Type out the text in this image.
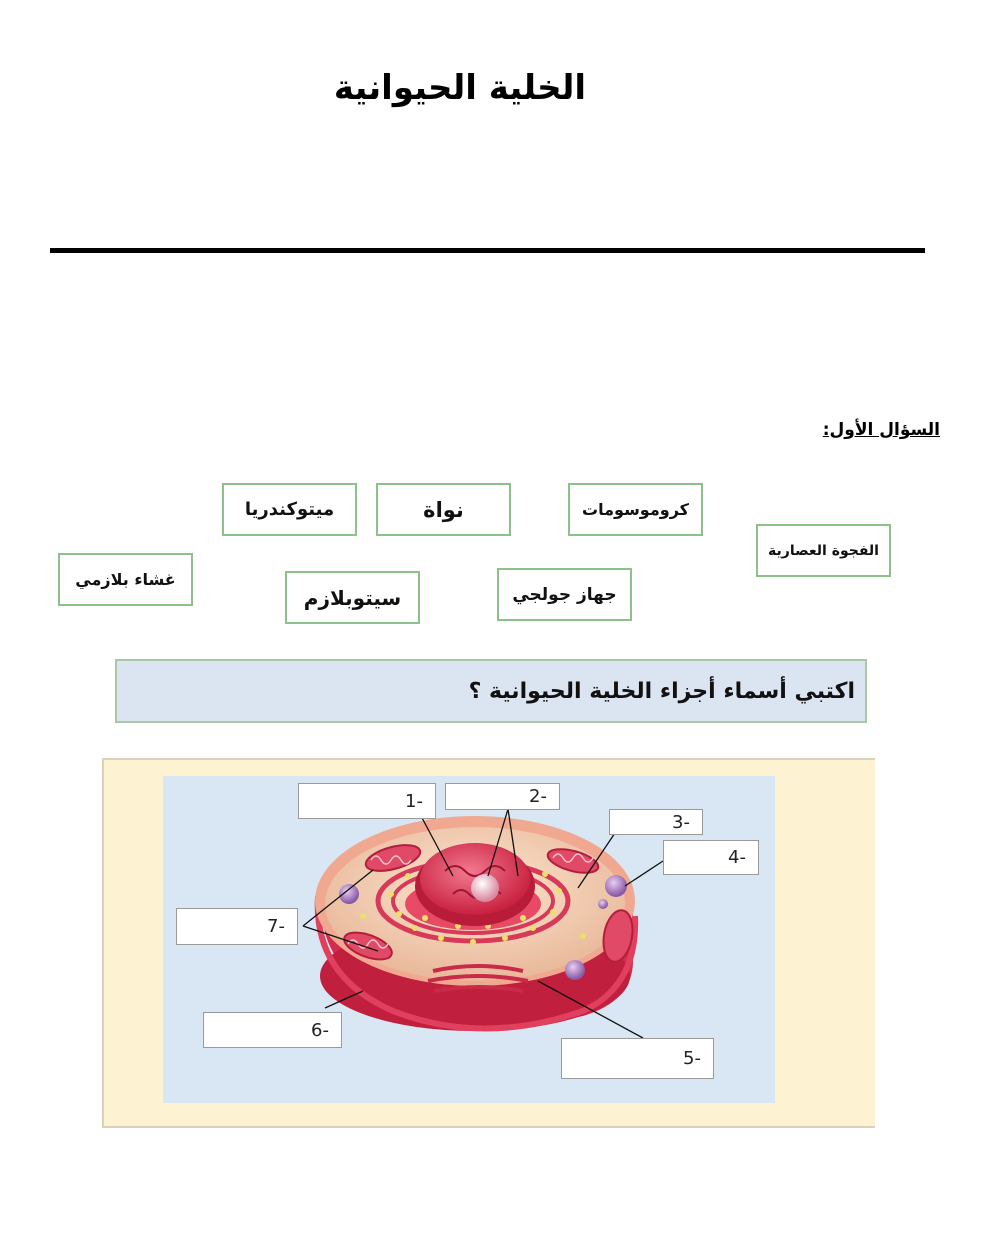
الخلية الحيوانية
السؤال الأول:
ميتوكندريا	نواة	كروموسومات
الفجوة العصارية
غشاء بلازمي
سيتوبلازم	جهاز جولجي
اكتبي أسماء أجزاء الخلية الحيوانية ؟
1-	2-
3-
4-
7-
6-
5-
